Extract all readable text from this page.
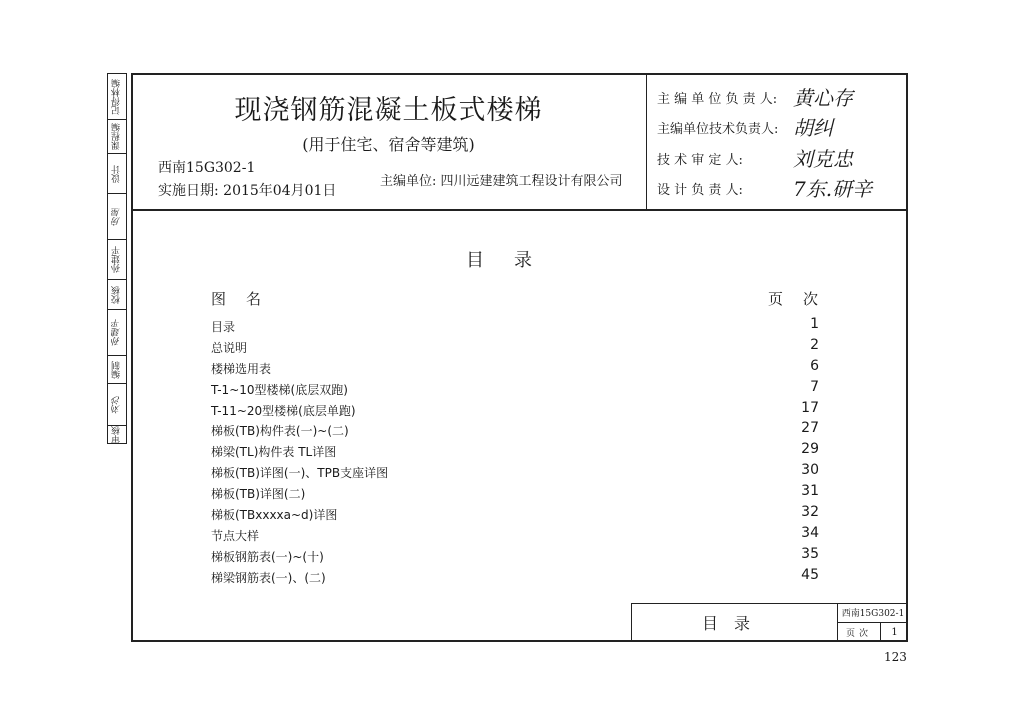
记得林编
课程编
设计
房屋
孙建平
校核
孙建平
编制
刘沙
审核
现浇钢筋混凝土板式楼梯
(用于住宅、宿舍等建筑)
西南15G302-1
实施日期: 2015年04月01日
主编单位: 四川远建建筑工程设计有限公司
主 编 单 位 负 责 人: 黄心存
主编单位技术负责人: 胡纠
技 术 审 定 人:	刘克忠
设 计 负 责 人:	7东.研辛
目录
图名	页次
目录	1
总说明	2
楼梯选用表	6
T-1~10型楼梯(底层双跑)	7
T-11~20型楼梯(底层单跑)	17
梯板(TB)构件表(一)~(二)	27
梯梁(TL)构件表 TL详图	29
梯板(TB)详图(一)、TPB支座详图	30
梯板(TB)详图(二)	31
梯板(TBxxxxa~d)详图	32
节点大样	34
梯板钢筋表(一)~(十)	35
梯梁钢筋表(一)、(二)	45
目录	西南15G302-1
页次	1
123
